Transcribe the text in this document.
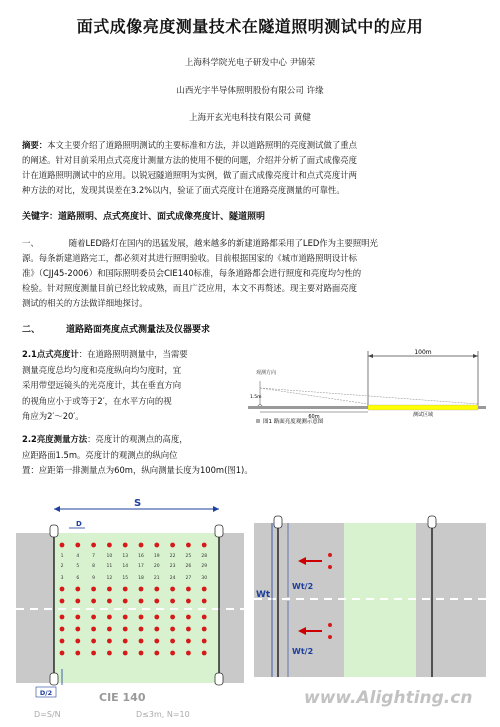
面式成像亮度测量技术在隧道照明测试中的应用
上海科学院光电子研发中心 尹锦荣
山西光宇半导体照明股份有限公司 许缘
上海开玄光电科技有限公司 黄健
摘要：本文主要介绍了道路照明测试的主要标准和方法，并以道路照明的亮度测试做了重点
的阐述。针对目前采用点式亮度计测量方法的使用不便的问题，介绍并分析了面式成像亮度
计在道路照明测试中的应用。以锐冠隧道照明为实例，做了面式成像亮度计和点式亮度计两
种方法的对比，发现其误差在3.2%以内，验证了面式亮度计在道路亮度测量的可靠性。
关键字：道路照明、点式亮度计、面式成像亮度计、隧道照明
一、	随着LED路灯在国内的迅猛发展，越来越多的新建道路都采用了LED作为主要照明光
源。每条新建道路完工，都必须对其进行照明验收。目前根据国家的《城市道路照明设计标
准》（CJJ45-2006）和国际照明委员会CIE140标准，每条道路都会进行照度和亮度均匀性的
检验。针对照度测量目前已经比较成熟，而且广泛应用，本文不再赘述。现主要对路面亮度
测试的相关的方法做详细地探讨。
二、	道路路面亮度点式测量法及仪器要求
2.1点式亮度计：在道路照明测量中，当需要
测量亮度总均匀度和亮度纵向均匀度时，宜
采用带望远镜头的光亮度计，其在垂直方向
的视角应小于或等于2′，在水平方向的视
角应为2′～20′。
2.2亮度测量方法：亮度计的观测点的高度，
应距路面1.5m。亮度计的观测点的纵向位
置：应距第一排测量点为60m，纵向测量长度为100m(图1)。
100m
观测方向
1.5m
测试区域
60m
图1 路面亮度观测示意图
S
D
1	4	7	10 13 16 19 22 25 28
2	5	8	11 14 17 20 23 26 29
3	6	9	12 15 18 21 24 27 30
D/2	CIE 140
D=S/N	D≤3m, N=10
Wt
Wt/2
Wt/2
www.Alighting.cn
